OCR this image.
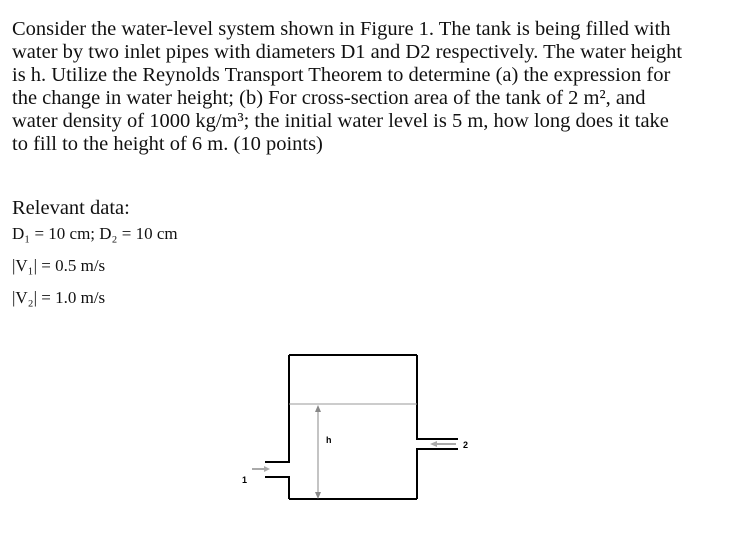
Consider the water-level system shown in Figure 1. The tank is being filled with

water by two inlet pipes with diameters D1 and D2 respectively. The water height

is h. Utilize the Reynolds Transport Theorem to determine (a) the expression for

the change in water height; (b) For cross-section area of the tank of 2 m², and

water density of 1000 kg/m³; the initial water level is 5 m, how long does it take

to fill to the height of 6 m. (10 points)

Relevant data:
D₁ = 10 cm; D₂ = 10 cm
|V₁| = 0.5 m/s
|V₂| = 1.0 m/s
h
1
2
